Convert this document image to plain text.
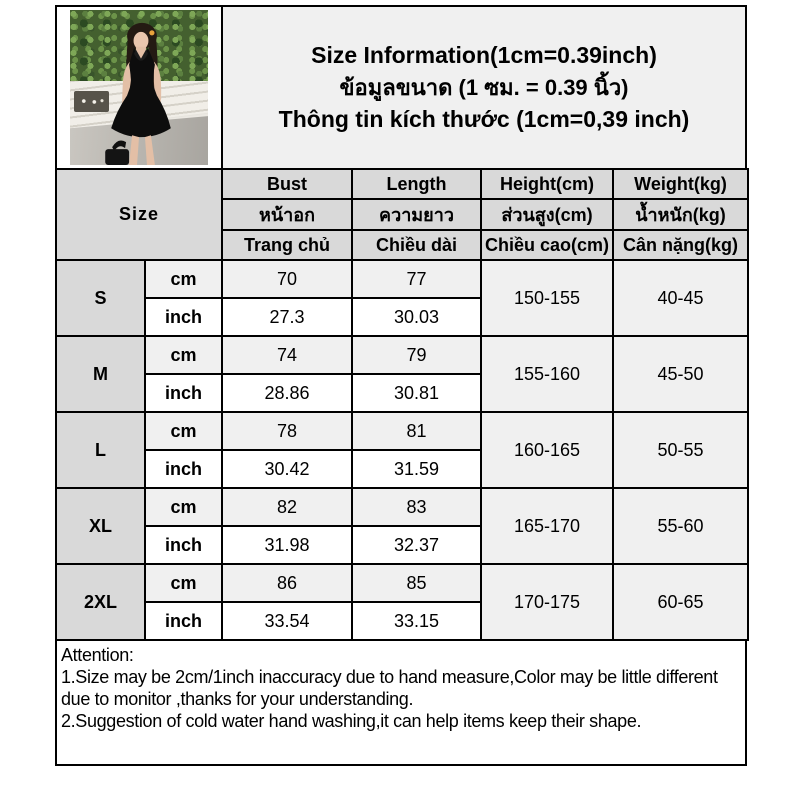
Size Information(1cm=0.39inch)
ข้อมูลขนาด (1 ซม. = 0.39 นิ้ว)
Thông tin kích thước (1cm=0,39 inch)
Size		Bust	Length	Height(cm)	Weight(kg)
		หน้าอก	ความยาว	ส่วนสูง(cm)	น้ำหนัก(kg)
		Trang chủ	Chiều dài	Chiều cao(cm)	Cân nặng(kg)
S	cm	70	77	150-155	40-45
	inch	27.3	30.03		
M	cm	74	79	155-160	45-50
	inch	28.86	30.81		
L	cm	78	81	160-165	50-55
	inch	30.42	31.59		
XL	cm	82	83	165-170	55-60
	inch	31.98	32.37		
2XL	cm	86	85	170-175	60-65
	inch	33.54	33.15		
Attention:
1.Size may be 2cm/1inch inaccuracy due to hand measure,Color may be little different due to monitor ,thanks for your understanding.
2.Suggestion of cold water hand washing,it can help items keep their shape.
